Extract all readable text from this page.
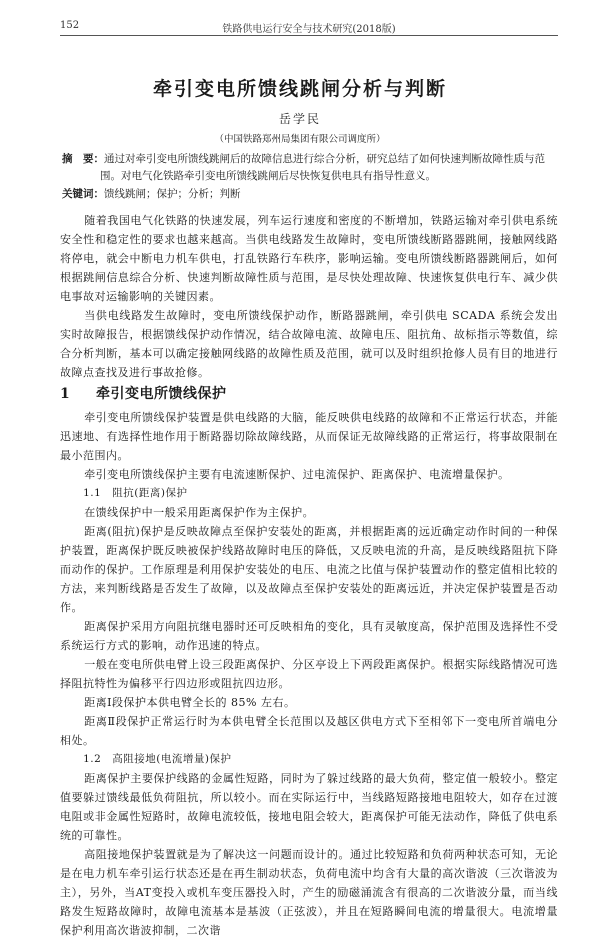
152	铁路供电运行安全与技术研究(2018版)
牵引变电所馈线跳闸分析与判断
岳学民
（中国铁路郑州局集团有限公司调度所）
摘　要：通过对牵引变电所馈线跳闸后的故障信息进行综合分析，研究总结了如何快速判断故障性质与范围。对电气化铁路牵引变电所馈线跳闸后尽快恢复供电具有指导性意义。
关键词：馈线跳闸；保护；分析；判断

随着我国电气化铁路的快速发展，列车运行速度和密度的不断增加，铁路运输对牵引供电系统安全性和稳定性的要求也越来越高。当供电线路发生故障时，变电所馈线断路器跳闸，接触网线路将停电，就会中断电力机车供电，打乱铁路行车秩序，影响运输。变电所馈线断路器跳闸后，如何根据跳闸信息综合分析、快速判断故障性质与范围，是尽快处理故障、快速恢复供电行车、减少供电事故对运输影响的关键因素。

当供电线路发生故障时，变电所馈线保护动作，断路器跳闸，牵引供电 SCADA 系统会发出实时故障报告，根据馈线保护动作情况，结合故障电流、故障电压、阻抗角、故标指示等数值，综合分析判断，基本可以确定接触网线路的故障性质及范围，就可以及时组织抢修人员有目的地进行故障点查找及进行事故抢修。

1 牵引变电所馈线保护

牵引变电所馈线保护装置是供电线路的大脑，能反映供电线路的故障和不正常运行状态，并能迅速地、有选择性地作用于断路器切除故障线路，从而保证无故障线路的正常运行，将事故限制在最小范围内。

牵引变电所馈线保护主要有电流速断保护、过电流保护、距离保护、电流增量保护。

1.1　 阻抗(距离)保护

在馈线保护中一般采用距离保护作为主保护。

距离(阻抗)保护是反映故障点至保护安装处的距离，并根据距离的远近确定动作时间的一种保护装置，距离保护既反映被保护线路故障时电压的降低，又反映电流的升高，是反映线路阻抗下降而动作的保护。工作原理是利用保护安装处的电压、电流之比值与保护装置动作的整定值相比较的方法，来判断线路是否发生了故障，以及故障点至保护安装处的距离远近，并决定保护装置是否动作。

距离保护采用方向阻抗继电器时还可反映相角的变化，具有灵敏度高，保护范围及选择性不受系统运行方式的影响，动作迅速的特点。

一般在变电所供电臂上设三段距离保护、分区亭设上下两段距离保护。根据实际线路情况可选择阻抗特性为偏移平行四边形或阻抗四边形。

距离Ⅰ段保护本供电臂全长的 85% 左右。

距离Ⅱ段保护正常运行时为本供电臂全长范围以及越区供电方式下至相邻下一变电所首端电分相处。

1.2　 高阻接地(电流增量)保护

距离保护主要保护线路的金属性短路，同时为了躲过线路的最大负荷，整定值一般较小。整定值要躲过馈线最低负荷阻抗，所以较小。而在实际运行中，当线路短路接地电阻较大，如存在过渡电阻或非金属性短路时，故障电流较低，接地电阻会较大，距离保护可能无法动作，降低了供电系统的可靠性。

高阻接地保护装置就是为了解决这一问题而设计的。通过比较短路和负荷两种状态可知，无论是在电力机车牵引运行状态还是在再生制动状态，负荷电流中均含有大量的高次谐波（三次谐波为主），另外，当AT变投入或机车变压器投入时，产生的励磁涌流含有很高的二次谐波分量，而当线路发生短路故障时，故障电流基本是基波（正弦波），并且在短路瞬间电流的增量很大。电流增量保护利用高次谐波抑制，二次谐
